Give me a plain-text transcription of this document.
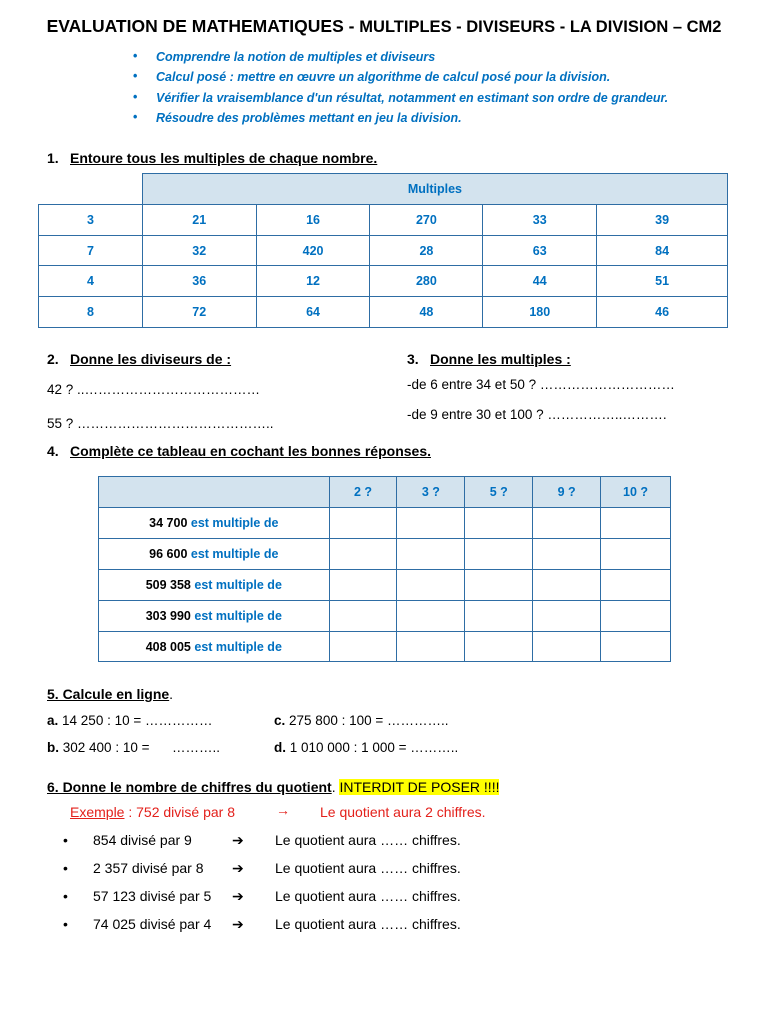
EVALUATION DE MATHEMATIQUES - MULTIPLES - DIVISEURS - LA DIVISION – CM2
• Comprendre la notion de multiples et diviseurs
• Calcul posé : mettre en œuvre un algorithme de calcul posé pour la division.
• Vérifier la vraisemblance d'un résultat, notamment en estimant son ordre de grandeur.
• Résoudre des problèmes mettant en jeu la division.
1. Entoure tous les multiples de chaque nombre.
	Multiples				
3	21	16	270	33	39
7	32	420	28	63	84
4	36	12	280	44	51
8	72	64	48	180	46
2. Donne les diviseurs de :
42 ? ..…………………………………
55 ? ……………………………………..
3. Donne les multiples :
-de 6 entre 34 et 50 ? …………………………
-de 9 entre 30 et 100 ? ……………..……….
4. Complète ce tableau en cochant les bonnes réponses.
	2 ?	3 ?	5 ?	9 ?	10 ?
34 700 est multiple de					
96 600 est multiple de					
509 358 est multiple de					
303 990 est multiple de					
408 005 est multiple de					
5. Calcule en ligne.
a. 14 250 : 10 = ……………	c. 275 800 : 100 = …………..
b. 302 400 : 10 =      ………..	d. 1 010 000 : 1 000 = ………..
6. Donne le nombre de chiffres du quotient. INTERDIT DE POSER !!!!
Exemple : 752 divisé par 8	→ Le quotient aura 2 chiffres.
• 854 divisé par 9	➔ Le quotient aura …… chiffres.
• 2 357 divisé par 8 ➔ Le quotient aura …… chiffres.
• 57 123 divisé par 5 ➔ Le quotient aura …… chiffres.
• 74 025 divisé par 4 ➔ Le quotient aura …… chiffres.
